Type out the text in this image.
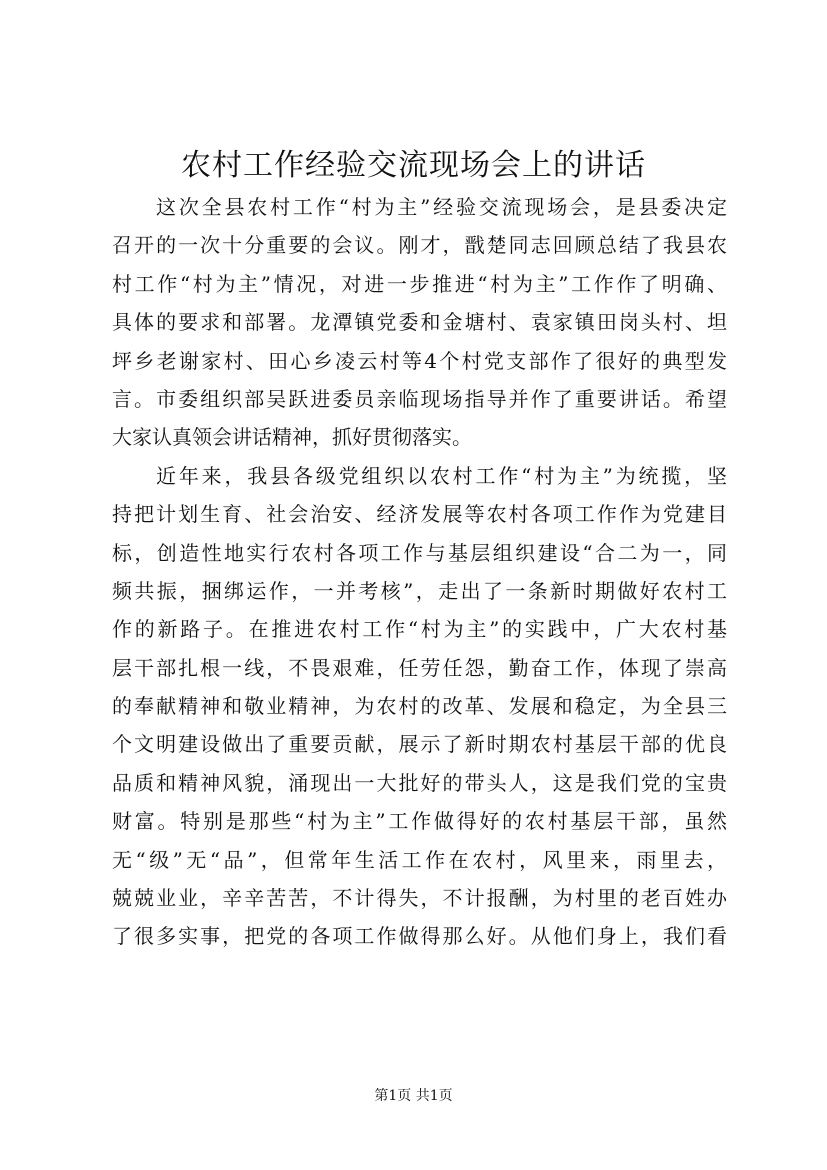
农村工作经验交流现场会上的讲话
这次全县农村工作“村为主”经验交流现场会，是县委决定
召开的一次十分重要的会议。刚才，戬楚同志回顾总结了我县农
村工作“村为主”情况，对进一步推进“村为主”工作作了明确、
具体的要求和部署。龙潭镇党委和金塘村、袁家镇田岗头村、坦
坪乡老谢家村、田心乡凌云村等4个村党支部作了很好的典型发
言。市委组织部吴跃进委员亲临现场指导并作了重要讲话。希望
大家认真领会讲话精神，抓好贯彻落实。
近年来，我县各级党组织以农村工作“村为主”为统揽，坚
持把计划生育、社会治安、经济发展等农村各项工作作为党建目
标，创造性地实行农村各项工作与基层组织建设“合二为一，同
频共振，捆绑运作，一并考核”，走出了一条新时期做好农村工
作的新路子。在推进农村工作“村为主”的实践中，广大农村基
层干部扎根一线，不畏艰难，任劳任怨，勤奋工作，体现了崇高
的奉献精神和敬业精神，为农村的改革、发展和稳定，为全县三
个文明建设做出了重要贡献，展示了新时期农村基层干部的优良
品质和精神风貌，涌现出一大批好的带头人，这是我们党的宝贵
财富。特别是那些“村为主”工作做得好的农村基层干部，虽然
无“级”无“品”，但常年生活工作在农村，风里来，雨里去，
兢兢业业，辛辛苦苦，不计得失，不计报酬，为村里的老百姓办
了很多实事，把党的各项工作做得那么好。从他们身上，我们看
第1页 共1页
